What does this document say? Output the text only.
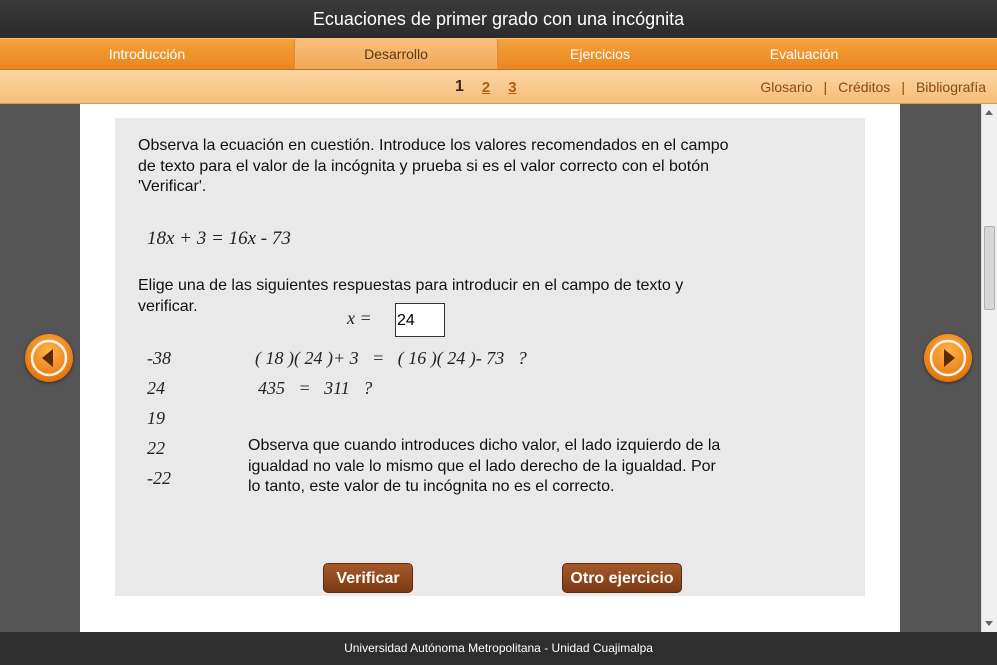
Ecuaciones de primer grado con una incógnita
Introducción	Desarrollo	Ejercicios	Evaluación
1 2 3	Glosario | Créditos | Bibliografía
Observa la ecuación en cuestión. Introduce los valores recomendados en el campo de texto para el valor de la incógnita y prueba si es el valor correcto con el botón 'Verificar'.
18x + 3 = 16x - 73
Elige una de las siguientes respuestas para introducir en el campo de texto y verificar.
x =
24
-38
24
19
22
-22
( 18 )( 24 )+ 3   =   ( 16 )( 24 )- 73   ?
435   =   311   ?
Observa que cuando introduces dicho valor, el lado izquierdo de la igualdad no vale lo mismo que el lado derecho de la igualdad. Por lo tanto, este valor de tu incógnita no es el correcto.
Verificar	Otro ejercicio
Universidad Autónoma Metropolitana - Unidad Cuajimalpa
